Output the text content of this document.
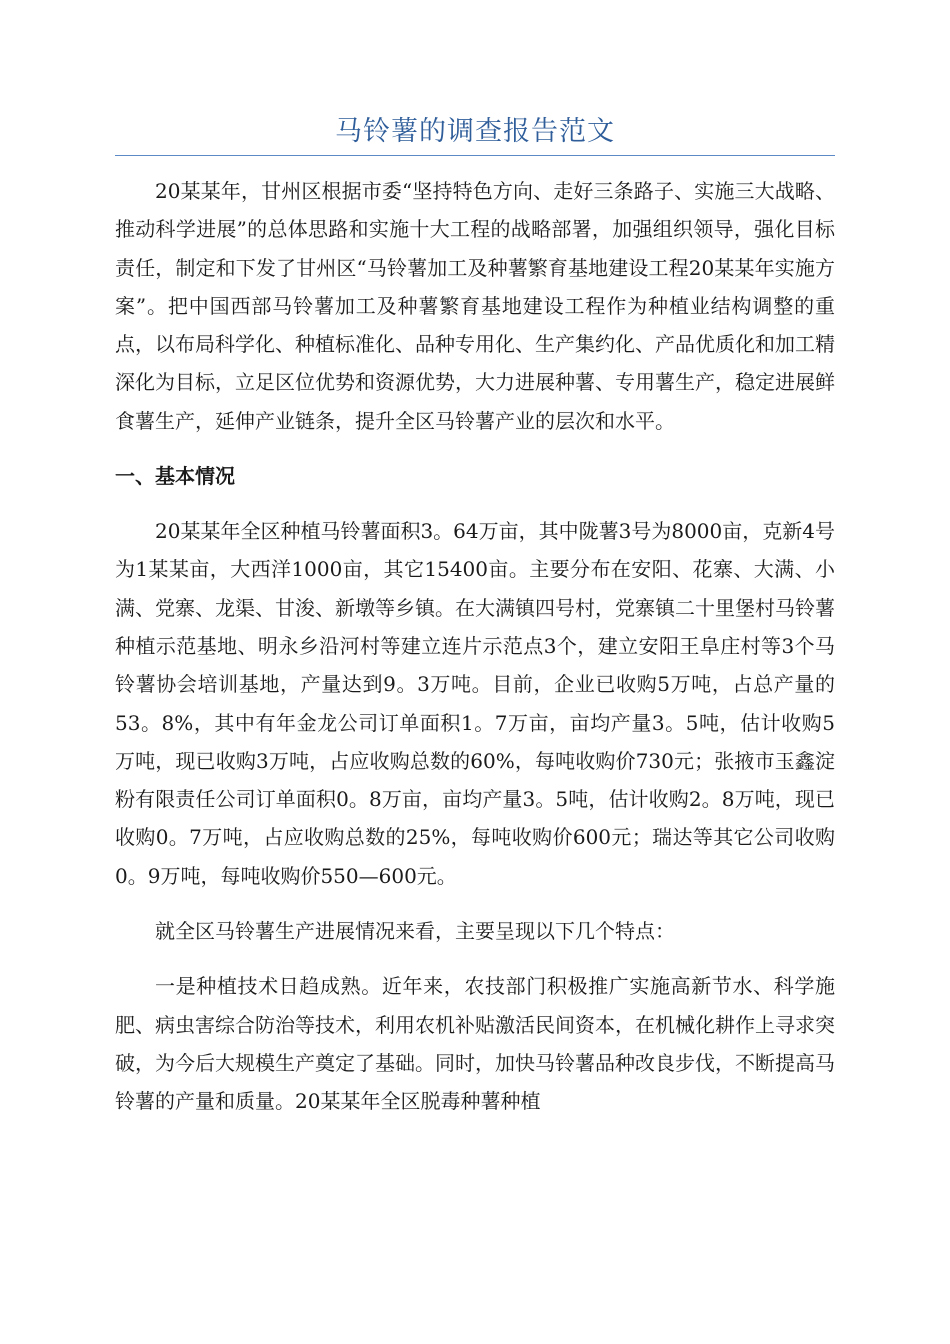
马铃薯的调查报告范文

20某某年，甘州区根据市委“坚持特色方向、走好三条路子、实施三大战略、推动科学进展”的总体思路和实施十大工程的战略部署，加强组织领导，强化目标责任，制定和下发了甘州区“马铃薯加工及种薯繁育基地建设工程20某某年实施方案”。把中国西部马铃薯加工及种薯繁育基地建设工程作为种植业结构调整的重点，以布局科学化、种植标准化、品种专用化、生产集约化、产品优质化和加工精深化为目标，立足区位优势和资源优势，大力进展种薯、专用薯生产，稳定进展鲜食薯生产，延伸产业链条，提升全区马铃薯产业的层次和水平。

一、基本情况

20某某年全区种植马铃薯面积3。64万亩，其中陇薯3号为8000亩，克新4号为1某某亩，大西洋1000亩，其它15400亩。主要分布在安阳、花寨、大满、小满、党寨、龙渠、甘浚、新墩等乡镇。在大满镇四号村，党寨镇二十里堡村马铃薯种植示范基地、明永乡沿河村等建立连片示范点3个，建立安阳王阜庄村等3个马铃薯协会培训基地，产量达到9。3万吨。目前，企业已收购5万吨，占总产量的53。8%，其中有年金龙公司订单面积1。7万亩，亩均产量3。5吨，估计收购5万吨，现已收购3万吨，占应收购总数的60%，每吨收购价730元；张掖市玉鑫淀粉有限责任公司订单面积0。8万亩，亩均产量3。5吨，估计收购2。8万吨，现已收购0。7万吨，占应收购总数的25%，每吨收购价600元；瑞达等其它公司收购0。9万吨，每吨收购价550—600元。

就全区马铃薯生产进展情况来看，主要呈现以下几个特点：

一是种植技术日趋成熟。近年来，农技部门积极推广实施高新节水、科学施肥、病虫害综合防治等技术，利用农机补贴激活民间资本，在机械化耕作上寻求突破，为今后大规模生产奠定了基础。同时，加快马铃薯品种改良步伐，不断提高马铃薯的产量和质量。20某某年全区脱毒种薯种植
